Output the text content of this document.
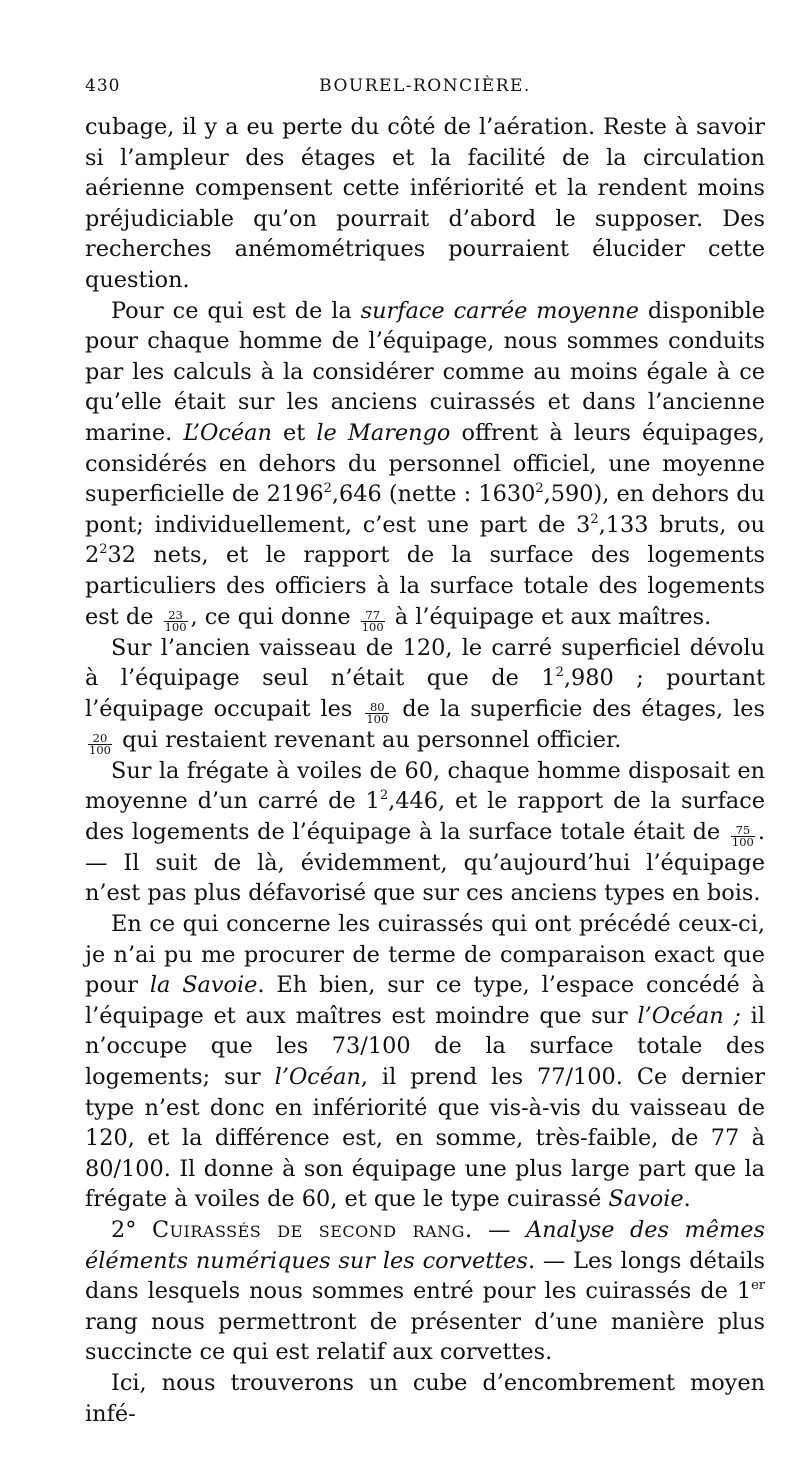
430	BOUREL-RONCIÈRE.

cubage, il y a eu perte du côté de l’aération. Reste à savoir si l’ampleur des étages et la facilité de la circulation aérienne compensent cette infériorité et la rendent moins préjudiciable qu’on pourrait d’abord le supposer. Des recherches anémométriques pourraient élucider cette question.

Pour ce qui est de la surface carrée moyenne disponible pour chaque homme de l’équipage, nous sommes conduits par les calculs à la considérer comme au moins égale à ce qu’elle était sur les anciens cuirassés et dans l’ancienne marine. L’Océan et le Marengo offrent à leurs équipages, considérés en dehors du personnel officiel, une moyenne superficielle de 2196$^2$,646 (nette : 1630$^2$,590), en dehors du pont; individuellement, c’est une part de $3^2,133$ bruts, ou $2^232$ nets, et le rapport de la surface des logements particuliers des officiers à la surface totale des logements est de $\frac{23}{100}$ , ce qui donne $\frac{77}{100}$ à l’équipage et aux maîtres.

Sur l’ancien vaisseau de 120, le carré superficiel dévolu à l’équipage seul n’était que de $1^2,980$ ; pourtant l’équipage occupait les $\frac{80}{100}$ de la superficie des étages, les
$\frac{20}{100}$ qui restaient revenant au personnel officier.

Sur la frégate à voiles de 60, chaque homme disposait en moyenne d’un carré de $1^2,446$, et le rapport de la surface des logements de l’équipage à la surface totale était de $\frac{75}{100}$ . — Il suit de là, évidemment, qu’aujourd’hui l’équipage n’est pas plus défavorisé que sur ces anciens types en bois.

En ce qui concerne les cuirassés qui ont précédé ceux-ci, je n’ai pu me procurer de terme de comparaison exact que pour la Savoie. Eh bien, sur ce type, l’espace concédé à l’équipage et aux maîtres est moindre que sur l’Océan ; il n’occupe que les 73/100 de la surface totale des logements; sur l’Océan, il prend les 77/100. Ce dernier type n’est donc en infériorité que vis-à-vis du vaisseau de 120, et la différence est, en somme, très-faible, de 77 à 80/100. Il donne à son équipage une plus large part que la frégate à voiles de 60, et que le type cuirassé Savoie.

2° Cuirassés de second rang. — Analyse des mêmes éléments numériques sur les corvettes. — Les longs détails dans lesquels nous sommes entré pour les cuirassés de 1er rang nous permettront de présenter d’une manière plus succincte ce qui est relatif aux corvettes.

Ici, nous trouverons un cube d’encombrement moyen infé-
